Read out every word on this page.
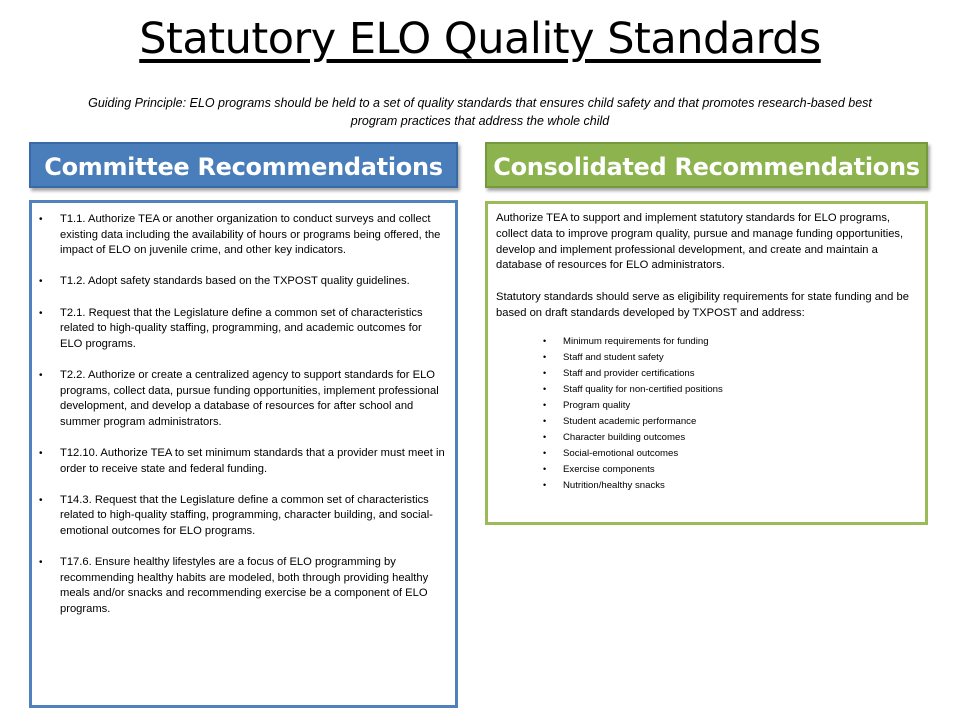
Statutory ELO Quality Standards
Guiding Principle: ELO programs should be held to a set of quality standards that ensures child safety and that promotes research-based best program practices that address the whole child
Committee Recommendations	Consolidated Recommendations
• T1.1. Authorize TEA or another organization to conduct surveys and collect existing data including the availability of hours or programs being offered, the impact of ELO on juvenile crime, and other key indicators.
• T1.2. Adopt safety standards based on the TXPOST quality guidelines.
• T2.1. Request that the Legislature define a common set of characteristics related to high-quality staffing, programming, and academic outcomes for ELO programs.
• T2.2. Authorize or create a centralized agency to support standards for ELO programs, collect data, pursue funding opportunities, implement professional development, and develop a database of resources for after school and summer program administrators.
• T12.10. Authorize TEA to set minimum standards that a provider must meet in order to receive state and federal funding.
• T14.3. Request that the Legislature define a common set of characteristics related to high-quality staffing, programming, character building, and social-emotional outcomes for ELO programs.
• T17.6. Ensure healthy lifestyles are a focus of ELO programming by recommending healthy habits are modeled, both through providing healthy meals and/or snacks and recommending exercise be a component of ELO programs.

Authorize TEA to support and implement statutory standards for ELO programs, collect data to improve program quality, pursue and manage funding opportunities, develop and implement professional development, and create and maintain a database of resources for ELO administrators.

Statutory standards should serve as eligibility requirements for state funding and be based on draft standards developed by TXPOST and address:

• Minimum requirements for funding
• Staff and student safety
• Staff and provider certifications
• Staff quality for non-certified positions
• Program quality
• Student academic performance
• Character building outcomes
• Social-emotional outcomes
• Exercise components
• Nutrition/healthy snacks
